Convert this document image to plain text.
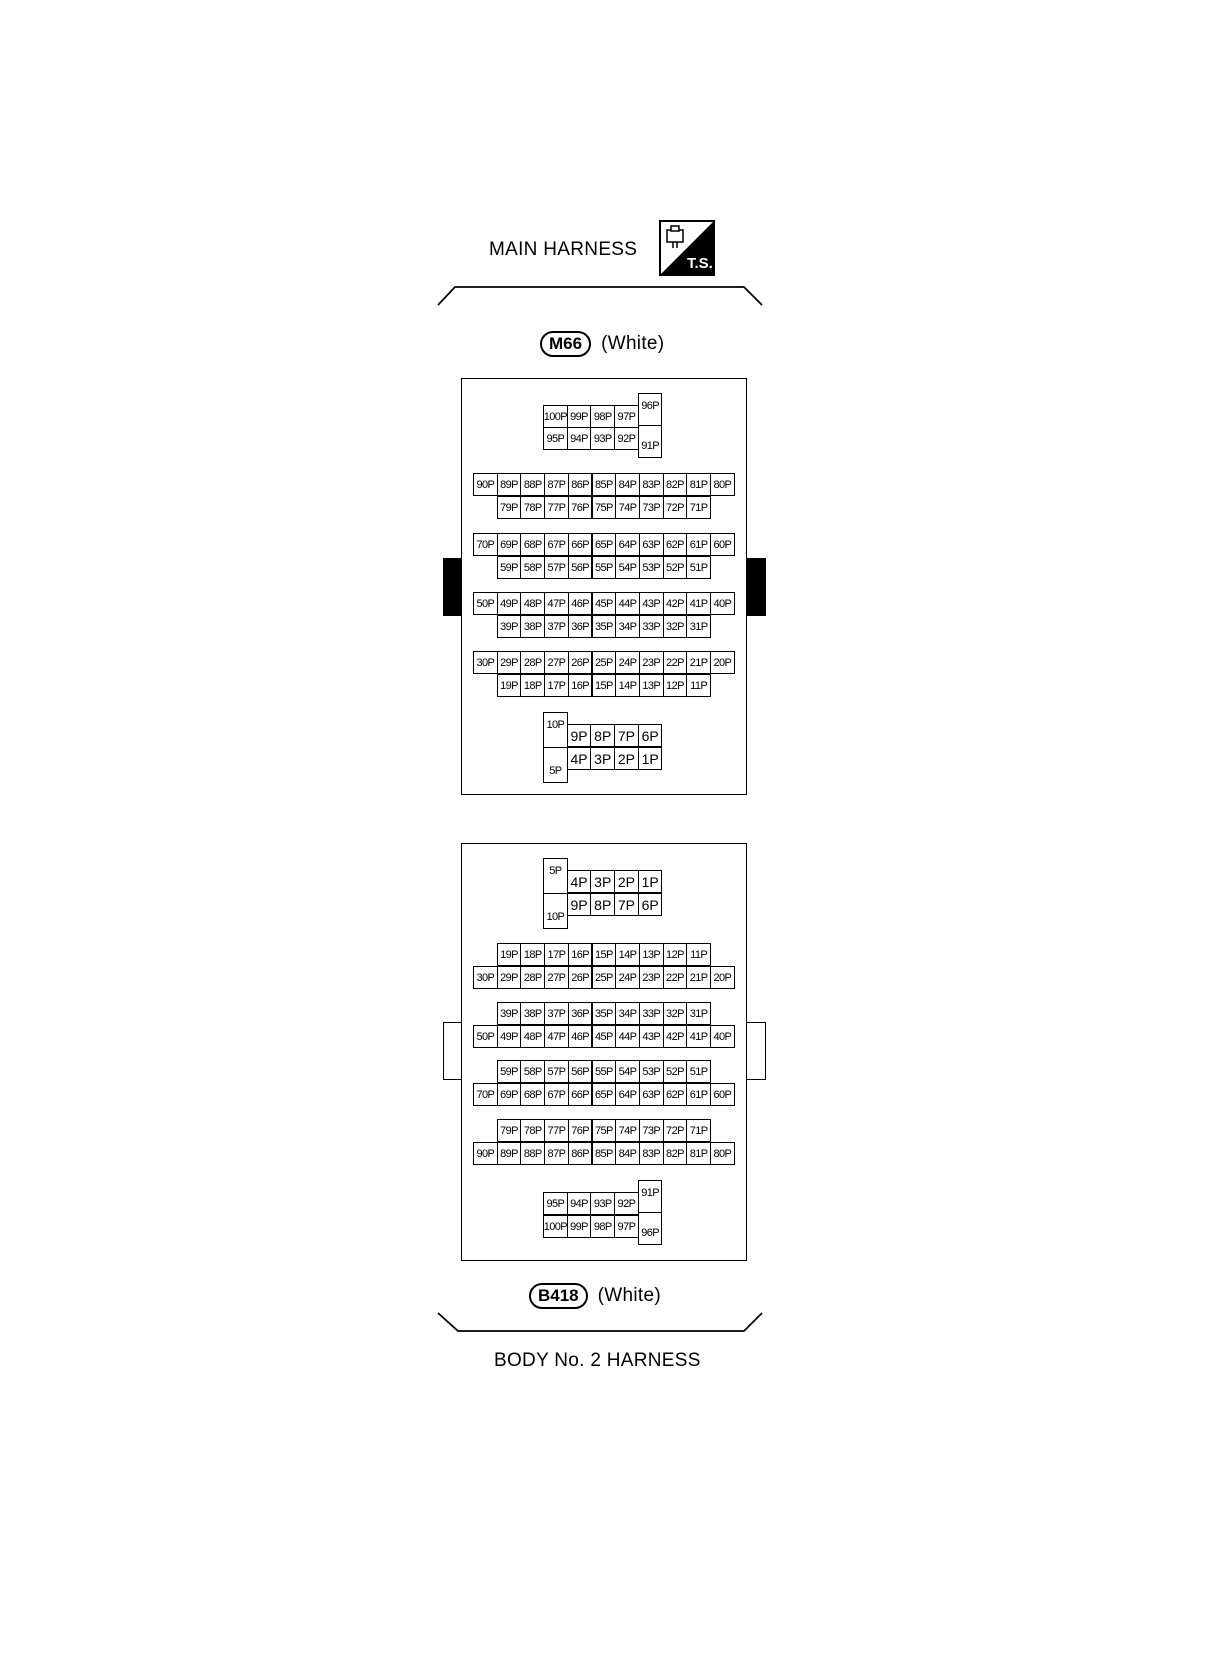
MAIN HARNESS
T.S.
M66	(White)
100P 99P 98P 97P
95P 94P 93P 92P
96P
91P
90P 89P 88P 87P 86P 85P 84P 83P 82P 81P 80P
79P 78P 77P 76P 75P 74P 73P 72P 71P
70P 69P 68P 67P 66P 65P 64P 63P 62P 61P 60P
59P 58P 57P 56P 55P 54P 53P 52P 51P
50P 49P 48P 47P 46P 45P 44P 43P 42P 41P 40P
39P 38P 37P 36P 35P 34P 33P 32P 31P
30P 29P 28P 27P 26P 25P 24P 23P 22P 21P 20P
19P 18P 17P 16P 15P 14P 13P 12P 11P
10P
5P
9P 8P 7P 6P
4P 3P 2P 1P
5P
10P
4P 3P 2P 1P
9P 8P 7P 6P
19P 18P 17P 16P 15P 14P 13P 12P 11P
30P 29P 28P 27P 26P 25P 24P 23P 22P 21P 20P
39P 38P 37P 36P 35P 34P 33P 32P 31P
50P 49P 48P 47P 46P 45P 44P 43P 42P 41P 40P
59P 58P 57P 56P 55P 54P 53P 52P 51P
70P 69P 68P 67P 66P 65P 64P 63P 62P 61P 60P
79P 78P 77P 76P 75P 74P 73P 72P 71P
90P 89P 88P 87P 86P 85P 84P 83P 82P 81P 80P
95P 94P 93P 92P
100P 99P 98P 97P
91P
96P
B418	(White)
BODY No. 2 HARNESS
